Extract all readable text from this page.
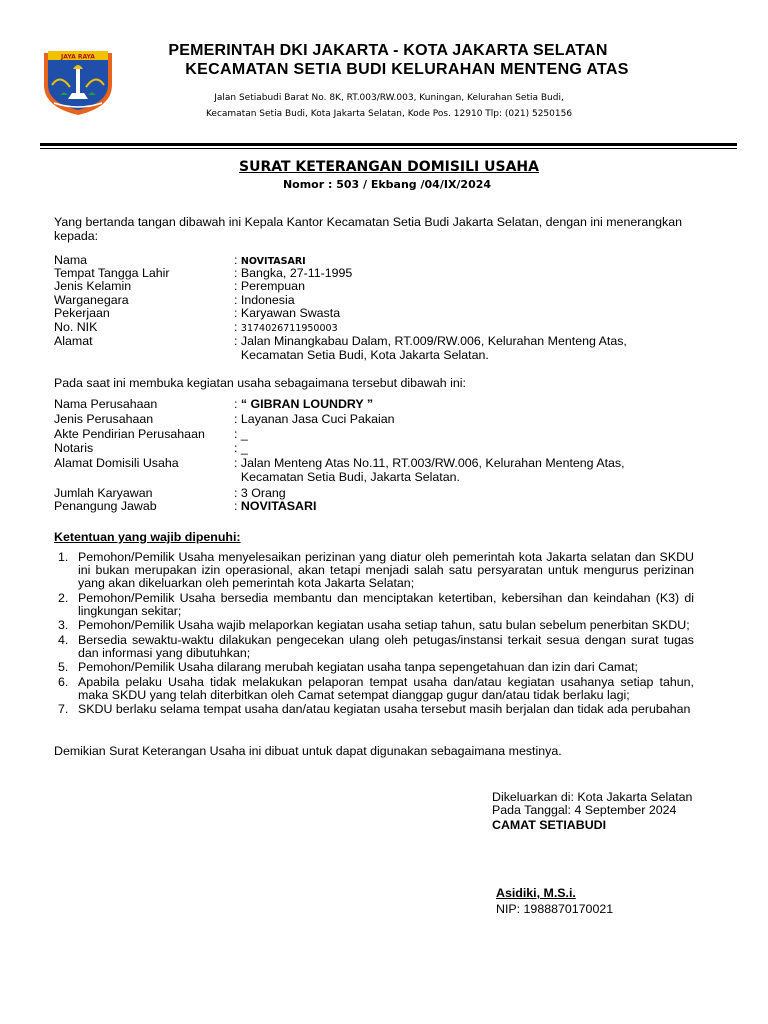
JAYA RAYA	PEMERINTAH DKI JAKARTA - KOTA JAKARTA SELATAN
KECAMATAN SETIA BUDI KELURAHAN MENTENG ATAS
Jalan Setiabudi Barat No. 8K, RT.003/RW.003, Kuningan, Kelurahan Setia Budi,
Kecamatan Setia Budi, Kota Jakarta Selatan, Kode Pos. 12910 Tlp: (021) 5250156
SURAT KETERANGAN DOMISILI USAHA
Nomor : 503 / Ekbang /04/IX/2024
Yang bertanda tangan dibawah ini Kepala Kantor Kecamatan Setia Budi Jakarta Selatan, dengan ini menerangkan kepada:
Nama	: NOVITASARI
Tempat Tangga Lahir	: Bangka, 27-11-1995
Jenis Kelamin	: Perempuan
Warganegara	: Indonesia
Pekerjaan	: Karyawan Swasta
No. NIK	: 3174026711950003
Alamat	: Jalan Minangkabau Dalam, RT.009/RW.006, Kelurahan Menteng Atas,
Kecamatan Setia Budi, Kota Jakarta Selatan.
Pada saat ini membuka kegiatan usaha sebagaimana tersebut dibawah ini:
Nama Perusahaan	: “ GIBRAN LOUNDRY ”
Jenis Perusahaan	: Layanan Jasa Cuci Pakaian
Akte Pendirian Perusahaan : _
Notaris	: _
Alamat Domisili Usaha	: Jalan Menteng Atas No.11, RT.003/RW.006, Kelurahan Menteng Atas,
Kecamatan Setia Budi, Jakarta Selatan.
Jumlah Karyawan	: 3 Orang
Penangung Jawab	: NOVITASARI
Ketentuan yang wajib dipenuhi:
1. Pemohon/Pemilik Usaha menyelesaikan perizinan yang diatur oleh pemerintah kota Jakarta selatan dan SKDU ini bukan merupakan izin operasional, akan tetapi menjadi salah satu persyaratan untuk mengurus perizinan yang akan dikeluarkan oleh pemerintah kota Jakarta Selatan;
2. Pemohon/Pemilik Usaha bersedia membantu dan menciptakan ketertiban, kebersihan dan keindahan (K3) di lingkungan sekitar;
3. Pemohon/Pemilik Usaha wajib melaporkan kegiatan usaha setiap tahun, satu bulan sebelum penerbitan SKDU;
4. Bersedia sewaktu-waktu dilakukan pengecekan ulang oleh petugas/instansi terkait sesua dengan surat tugas dan informasi yang dibutuhkan;
5. Pemohon/Pemilik Usaha dilarang merubah kegiatan usaha tanpa sepengetahuan dan izin dari Camat;
6. Apabila pelaku Usaha tidak melakukan pelaporan tempat usaha dan/atau kegiatan usahanya setiap tahun, maka SKDU yang telah diterbitkan oleh Camat setempat dianggap gugur dan/atau tidak berlaku lagi;
7. SKDU berlaku selama tempat usaha dan/atau kegiatan usaha tersebut masih berjalan dan tidak ada perubahan
Demikian Surat Keterangan Usaha ini dibuat untuk dapat digunakan sebagaimana mestinya.
Dikeluarkan di: Kota Jakarta Selatan
Pada Tanggal: 4 September 2024
CAMAT SETIABUDI
Asidiki, M.S.i.
NIP: 1988870170021
